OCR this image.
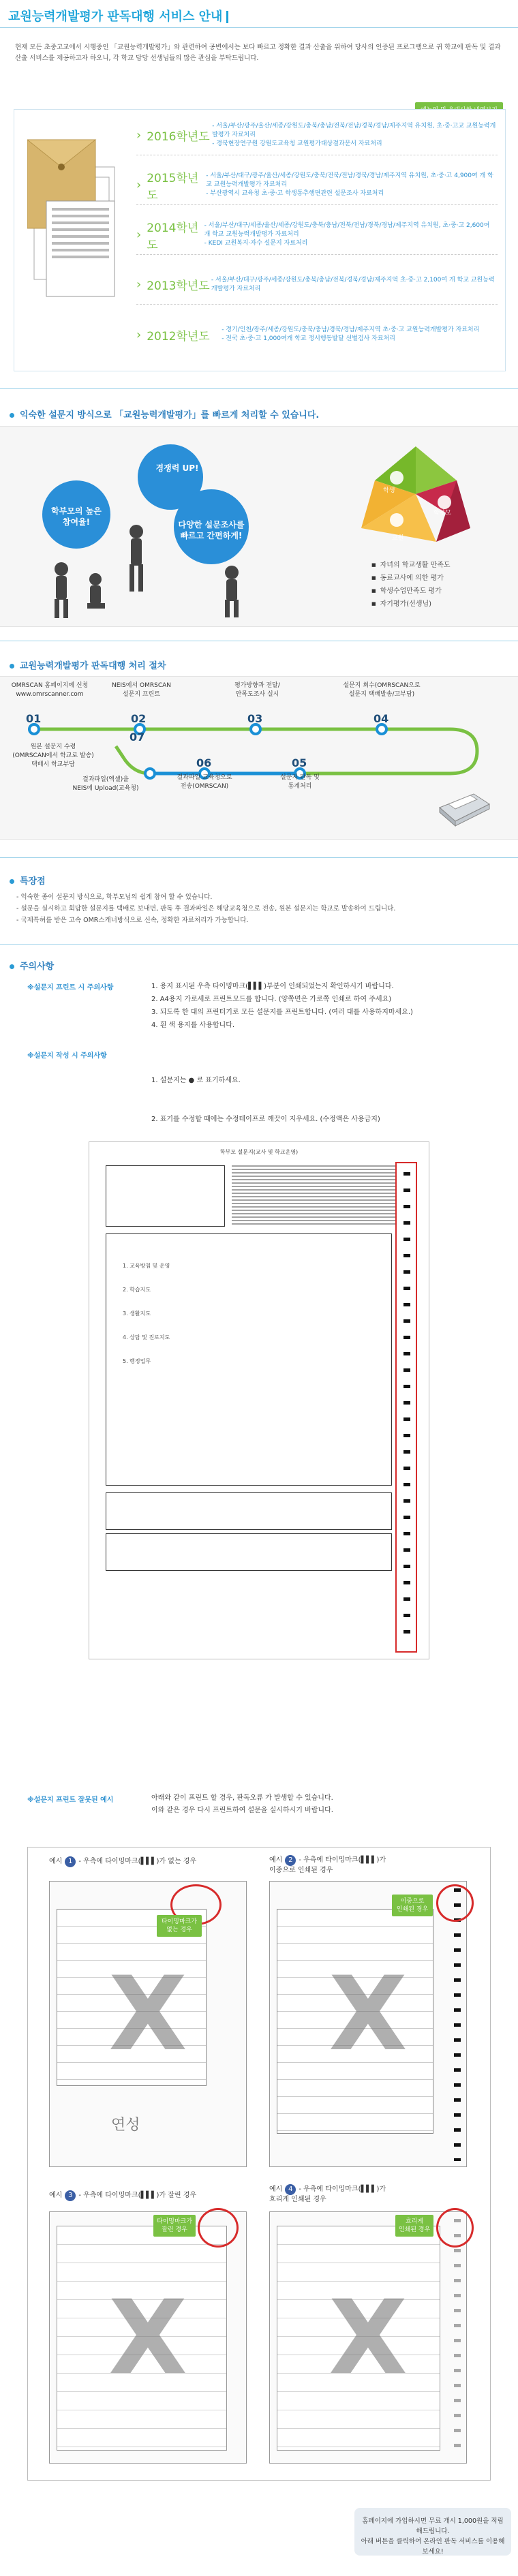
교원능력개발평가 판독대행 서비스 안내
현재 모든 초중고교에서 시행중인 「교원능력개발평가」와 관련하여 공변에서는 보다 빠르고 정확한 결과 산출을 위하여 당사의 인증된 프로그램으로 귀 학교에 판독 및 결과 산출 서비스를 제공하고자 하오니, 각 학교 담당 선생님들의 많은 관심을 부탁드립니다.
› 2016학년도
- 서울/부산/광주/울산/세종/강원도/충북/충남/전북/전남/경북/경남/제주지역 유치원, 초·중·고교 교원능력개발평가 자료처리
- 경북현장연구원 강원도교육청 교원평가대상결과문서 자료처리
› 2015학년도
- 서울/부산/대구/광주/울산/세종/강원도/충북/전북/전남/경북/경남/제주지역 유치원, 초·중·고 4,900여 개 학교 교원능력개발평가 자료처리
- 부산광역시 교육청 초·중·고 학생통추행면관련 설문조사 자료처리
› 2014학년도
- 서울/부산/대구/세종/울산/세종/강원도/충북/충남/전북/전남/경북/경남/제주지역 유치원, 초·중·고 2,600여 개 학교 교원능력개발평가 자료처리
- KEDI 교원복지·자수 설문지 자료처리
› 2013학년도 - 서울/부산/대구/광주/세종/강원도/충북/충남/전북/경북/경남/제주지역 초·중·고 2,100여 개 학교 교원능력개발평가 자료처리
› 2012학년도	- 경기/인천/광주/세종/강원도/충북/충남/경북/경남/제주지역 초·중·고 교원능력개발평가 자료처리
- 전국 초·중·고 1,000여개 학교 정서행동발달 선별검사 자료처리
익숙한 설문지 방식으로 「교원능력개발평가」를 빠르게 처리할 수 있습니다.
경쟁력 UP!
학부모의 높은 참여율!	다양한 설문조사를 빠르고 간편하게!
학생
학부모
교원
■ 자녀의 학교생활 만족도
■ 동료교사에 의한 평가
■ 학생수업만족도 평가
■ 자기평가(선생님)
교원능력개발평가 판독대행 처리 절차
OMRSCAN 홈페이지에 신청
www.omrscanner.com
01
원본 설문지 수령
(OMRSCAN에서 학교로 발송)
택배시 학교부담
NEIS에서 OMRSCAN
설문지 프린트
02
평가방향과 전달/
안목도조사 실시
03
설문지 회수(OMRSCAN으로
설문지 택배발송/고부담)
04
05
설문지 판독 및
통계처리
06
결과파일 교육청으로
전송(OMRSCAN)
07
결과파일(엑셀)을
NEIS에 Upload(교육청)
특장점
- 익숙한 종이 설문지 방식으로, 학부모님의 쉽게 참여 할 수 있습니다.
- 설문을 실시하고 회답한 설문지를 택배로 보내면, 판독 후 결과파일은 해당교육청으로 전송, 원본 설문지는 학교로 발송하여 드립니다.
- 국제특허를 받은 고속 OMR스캐너방식으로 신속, 정확한 자료처리가 가능합니다.
주의사항
※설문지 프린트 시 주의사항	1. 용지 표시된 우측 타이밍마크(▌▌▌)부분이 인쇄되었는지 확인하시기 바랍니다.
2. A4용지 가로세로 프린트모드를 합니다. (양쪽면은 가로쪽 인쇄로 하여 주세요)
3. 되도록 한 대의 프린터기로 모든 설문지를 프린트합니다. (여러 대를 사용하지마세요.)
4. 흰 색 용지를 사용합니다.
※설문지 작성 시 주의사항

1. 설문지는 ● 로 표기하세요.

2. 표기를 수정할 때에는 수정테이프로 깨끗이 지우세요. (수정액은 사용금지)

학부모 설문지(교사 및 학교운영)
1. 교육방침 및 운영
2. 학습지도
3. 생활지도
4. 상담 및 진로지도
5. 행정업무
※설문지 프린트 잘못된 예시	아래와 같이 프린트 할 경우, 판독오류 가 발생할 수 있습니다.
이와 같은 경우 다시 프린트하여 설문을 실시하시기 바랍니다.
예시 1 - 우측에 타이밍마크(▌▌▌)가 없는 경우
X
연성
타이밍마크가
없는 경우
예시 2 - 우측에 타이밍마크(▌▌▌)가
이중으로 인쇄된 경우
X
이중으로
인쇄된 경우
예시 3 - 우측에 타이밍마크(▌▌▌)가 잘린 경우
X
타이밍마크가
잘린 경우
예시 4 - 우측에 타이밍마크(▌▌▌)가
흐리게 인쇄된 경우
X
흐리게
인쇄된 경우
홈페이지에 가입하시면 무료 개시 1,000원을 적립해드립니다.
아래 버튼을 클릭하여 온라인 판독 서비스를 이용해보세요!
